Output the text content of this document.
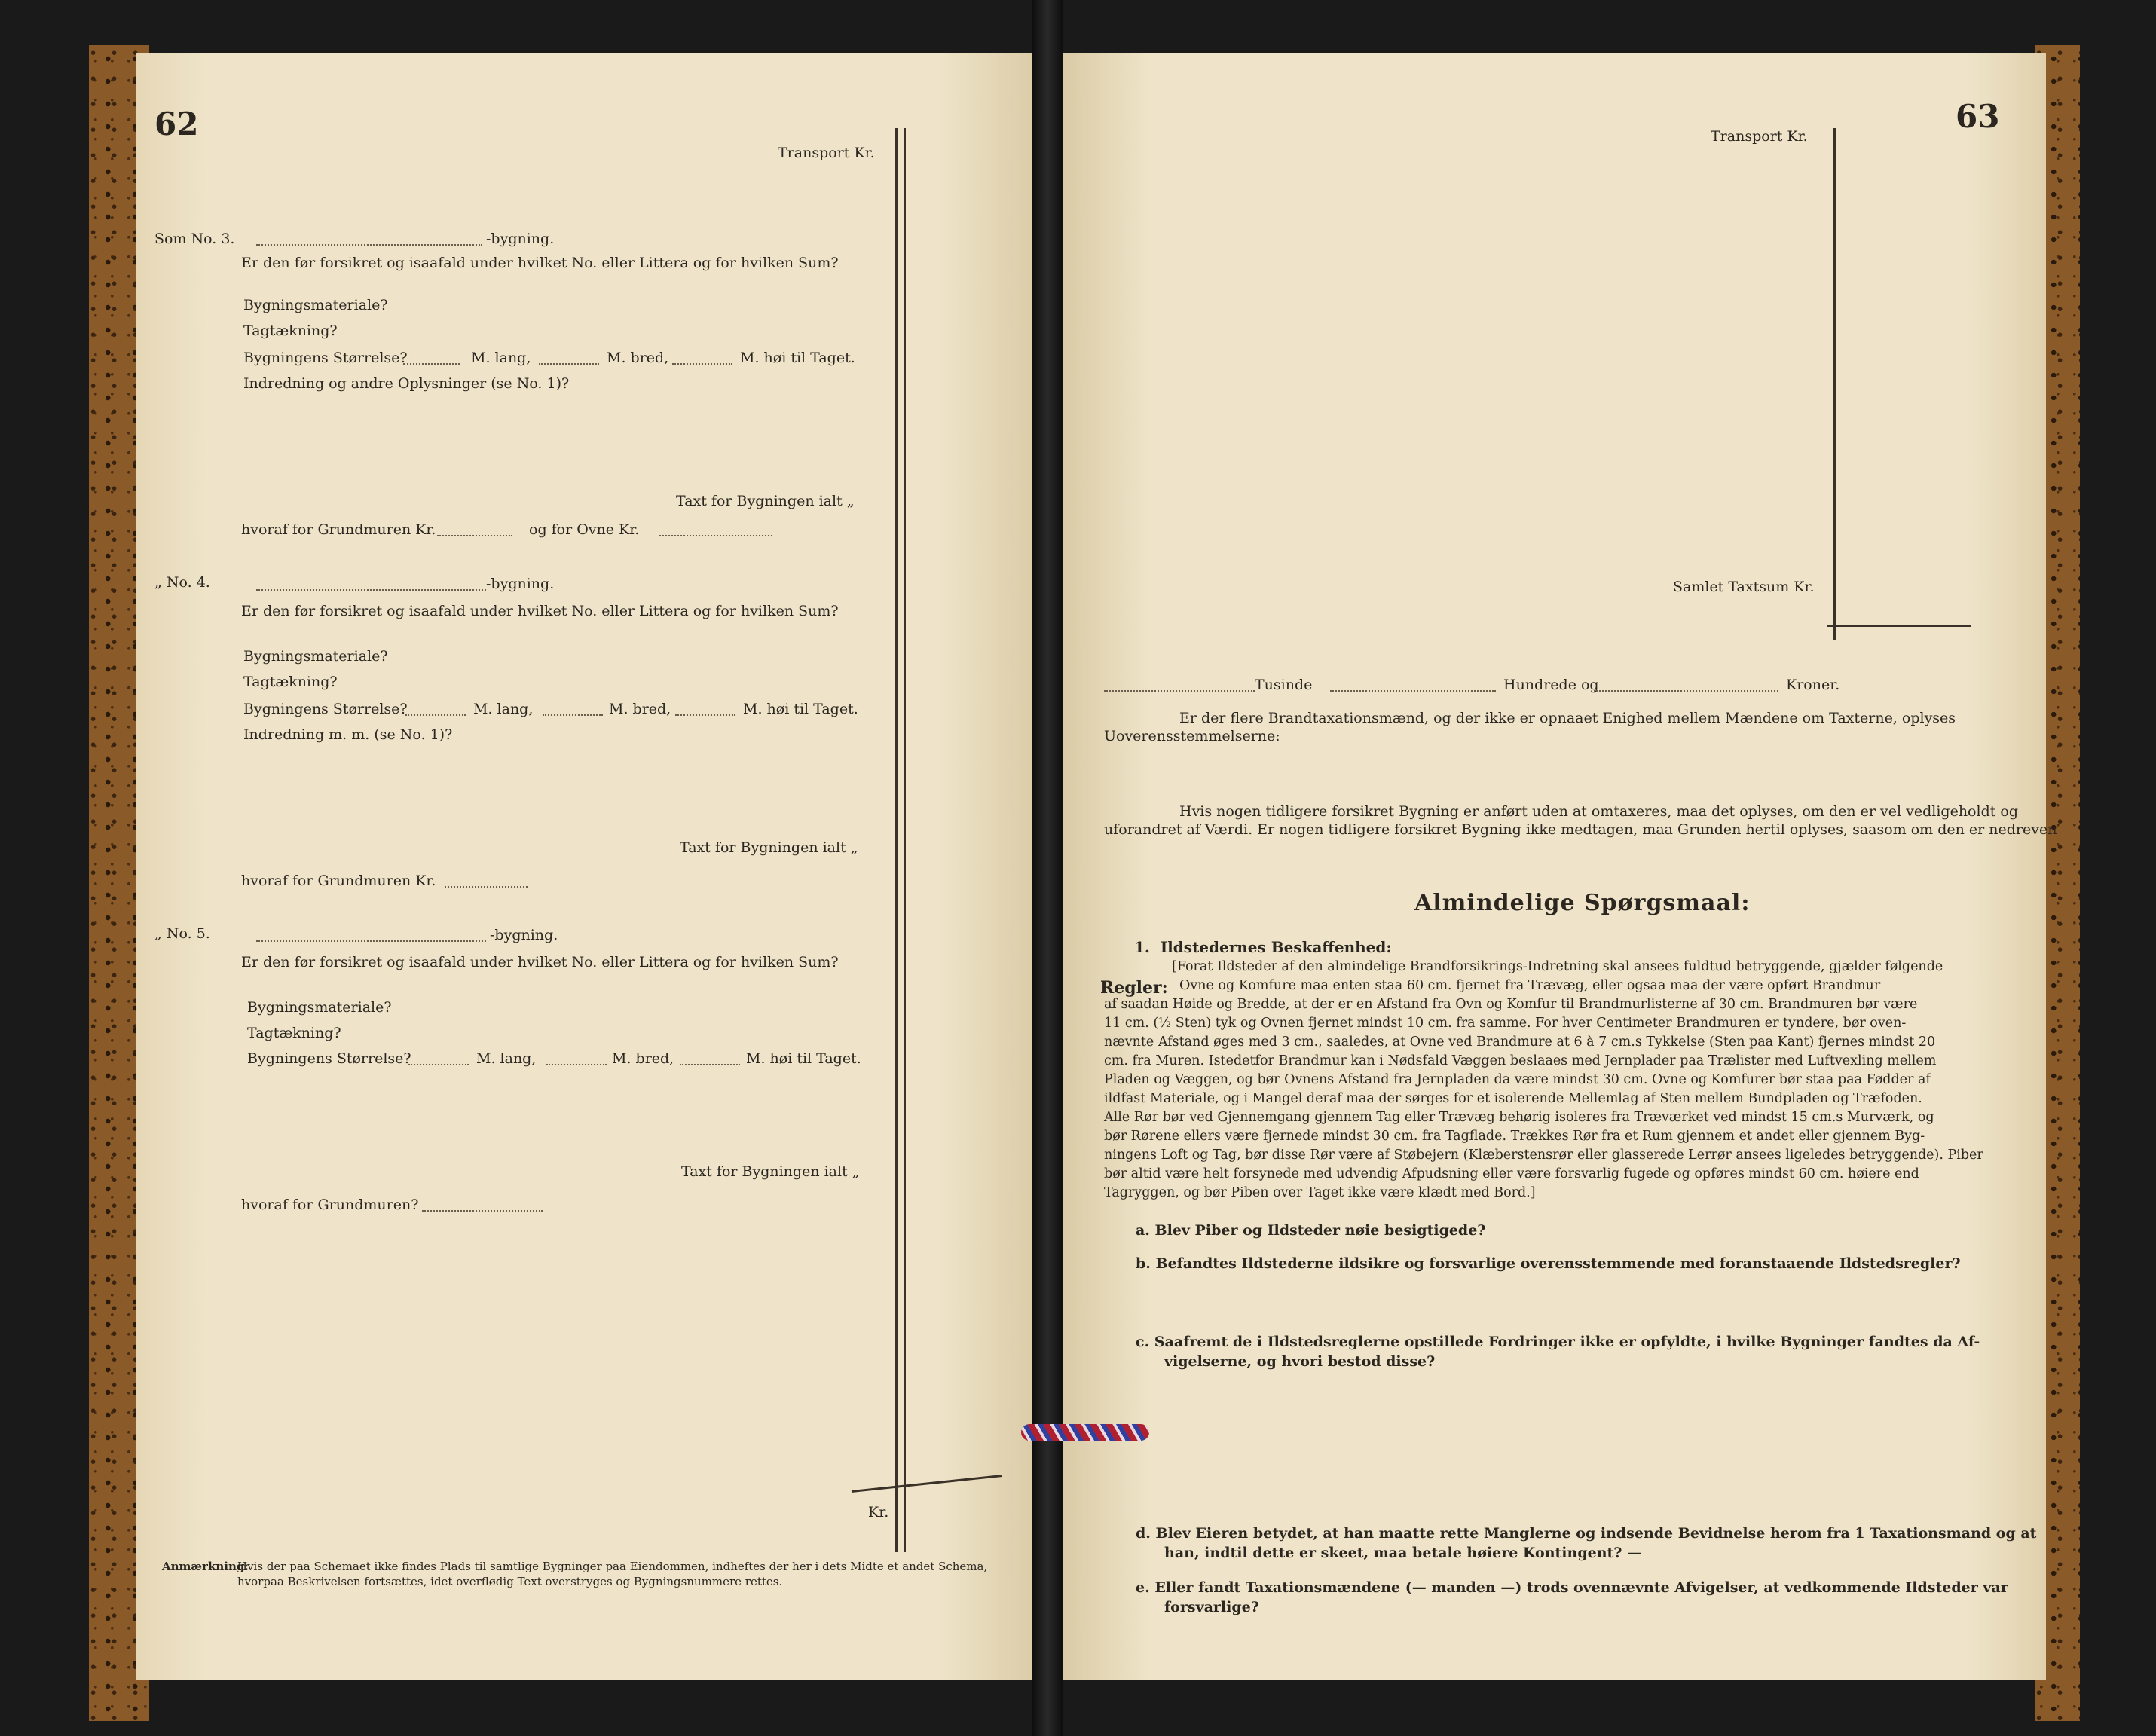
62
Transport Kr.
Som No. 3.	-bygning.
Er den før forsikret og isaafald under hvilket No. eller Littera og for hvilken Sum?
Bygningsmateriale?
Tagtækning?
Bygningens Størrelse?	M. lang,	M. bred,	M. høi til Taget.
Indredning og andre Oplysninger (se No. 1)?
Taxt for Bygningen ialt „
hvoraf for Grundmuren Kr.	og for Ovne Kr.
„ No. 4.	-bygning.
Er den før forsikret og isaafald under hvilket No. eller Littera og for hvilken Sum?
Bygningsmateriale?
Tagtækning?
Bygningens Størrelse?	M. lang,	M. bred,	M. høi til Taget.
Indredning m. m. (se No. 1)?
Taxt for Bygningen ialt „
hvoraf for Grundmuren Kr.
„ No. 5.	-bygning.
Er den før forsikret og isaafald under hvilket No. eller Littera og for hvilken Sum?
Bygningsmateriale?
Tagtækning?
Bygningens Størrelse?	M. lang,	M. bred,	M. høi til Taget.
Taxt for Bygningen ialt „
hvoraf for Grundmuren?
Kr.
Anmærkning:
Hvis der paa Schemaet ikke findes Plads til samtlige Bygninger paa Eiendommen, indheftes der her i dets Midte et andet Schema,
hvorpaa Beskrivelsen fortsættes, idet overflødig Text overstryges og Bygningsnummere rettes.
63
Transport Kr.
Samlet Taxtsum Kr.
Tusinde	Hundrede og	Kroner.
Er der flere Brandtaxationsmænd, og der ikke er opnaaet Enighed mellem Mændene om Taxterne, oplyses
Uoverensstemmelserne:
Hvis nogen tidligere forsikret Bygning er anført uden at omtaxeres, maa det oplyses, om den er vel vedligeholdt og
uforandret af Værdi. Er nogen tidligere forsikret Bygning ikke medtagen, maa Grunden hertil oplyses, saasom om den er nedreven
Almindelige Spørgsmaal:
1. Ildstedernes Beskaffenhed:
Regler:
[Forat Ildsteder af den almindelige Brandforsikrings-Indretning skal ansees fuldtud betryggende, gjælder følgende
Ovne og Komfure maa enten staa 60 cm. fjernet fra Trævæg, eller ogsaa maa der være opført Brandmur
af saadan Høide og Bredde, at der er en Afstand fra Ovn og Komfur til Brandmurlisterne af 30 cm. Brandmuren bør være
11 cm. (½ Sten) tyk og Ovnen fjernet mindst 10 cm. fra samme. For hver Centimeter Brandmuren er tyndere, bør oven-
nævnte Afstand øges med 3 cm., saaledes, at Ovne ved Brandmure at 6 à 7 cm.s Tykkelse (Sten paa Kant) fjernes mindst 20
cm. fra Muren. Istedetfor Brandmur kan i Nødsfald Væggen beslaaes med Jernplader paa Trælister med Luftvexling mellem
Pladen og Væggen, og bør Ovnens Afstand fra Jernpladen da være mindst 30 cm. Ovne og Komfurer bør staa paa Fødder af
ildfast Materiale, og i Mangel deraf maa der sørges for et isolerende Mellemlag af Sten mellem Bundpladen og Træfoden.
Alle Rør bør ved Gjennemgang gjennem Tag eller Trævæg behørig isoleres fra Træværket ved mindst 15 cm.s Murværk, og
bør Rørene ellers være fjernede mindst 30 cm. fra Tagflade. Trækkes Rør fra et Rum gjennem et andet eller gjennem Byg-
ningens Loft og Tag, bør disse Rør være af Støbejern (Klæberstensrør eller glasserede Lerrør ansees ligeledes betryggende). Piber
bør altid være helt forsynede med udvendig Afpudsning eller være forsvarlig fugede og opføres mindst 60 cm. høiere end
Tagryggen, og bør Piben over Taget ikke være klædt med Bord.]
a. Blev Piber og Ildsteder nøie besigtigede?
b. Befandtes Ildstederne ildsikre og forsvarlige overensstemmende med foranstaaende Ildstedsregler?
c. Saafremt de i Ildstedsreglerne opstillede Fordringer ikke er opfyldte, i hvilke Bygninger fandtes da Af-
vigelserne, og hvori bestod disse?
d. Blev Eieren betydet, at han maatte rette Manglerne og indsende Bevidnelse herom fra 1 Taxationsmand og at
han, indtil dette er skeet, maa betale høiere Kontingent? —
e. Eller fandt Taxationsmændene (— manden —) trods ovennævnte Afvigelser, at vedkommende Ildsteder var
forsvarlige?
